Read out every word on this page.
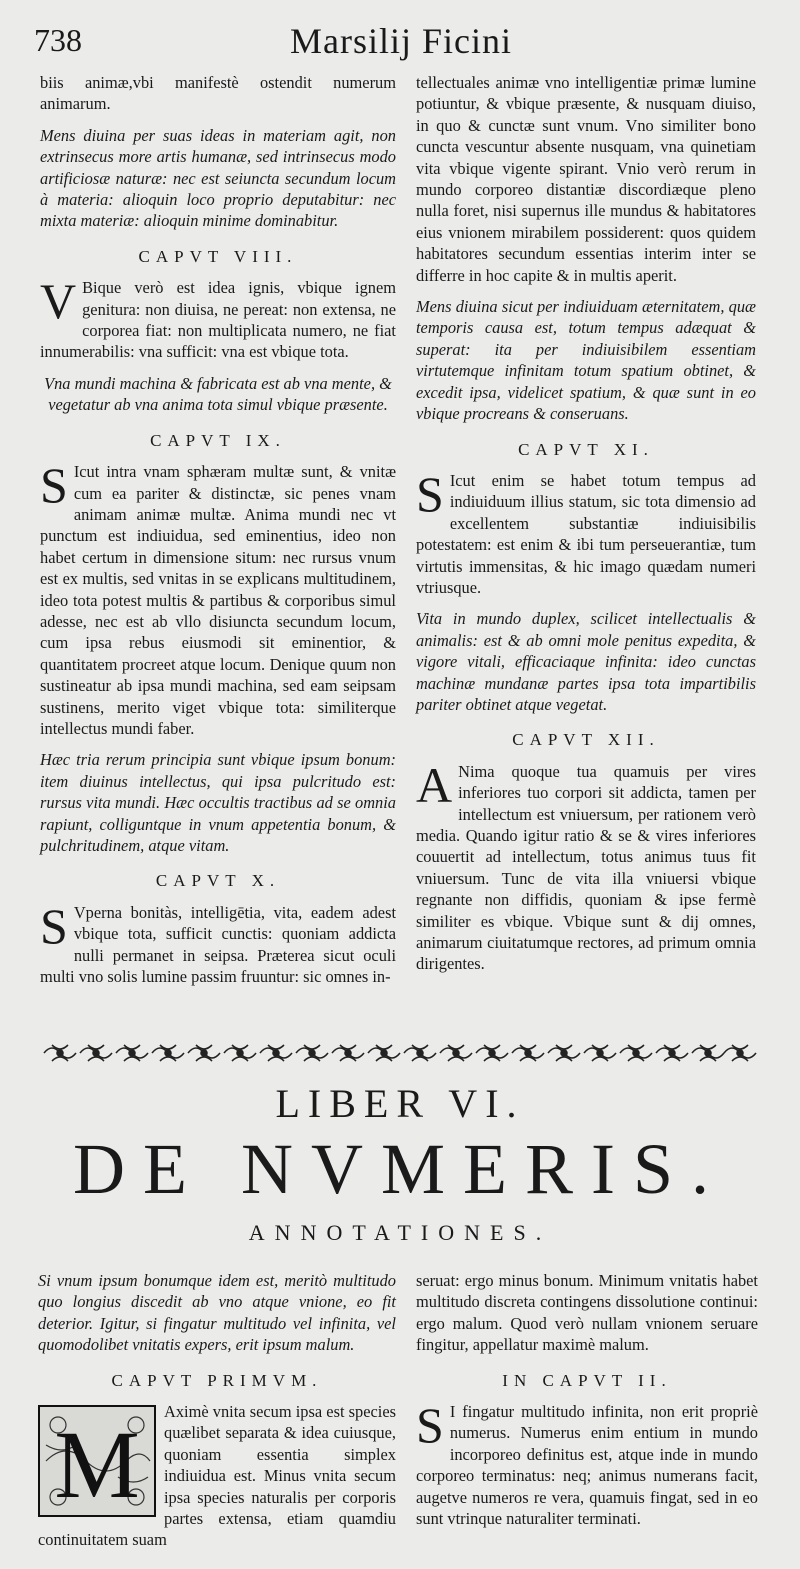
738	Marsilij Ficini

biis animæ,vbi manifestè ostendit numerum animarum.

Mens diuina per suas ideas in materiam agit, non extrinsecus more artis humanæ, sed intrinsecus modo artificiosæ naturæ: nec est seiuncta secundum locum à materia: alioquin loco proprio deputabitur: nec mixta materiæ: alioquin minime dominabitur.

CAPVT VIII.

V Bique verò est idea ignis, vbique ignem genitura: non diuisa, ne pereat: non extensa, ne corporea fiat: non multiplicata numero, ne fiat innumerabilis: vna sufficit: vna est vbique tota.

Vna mundi machina & fabricata est ab vna mente, & vegetatur ab vna anima tota simul vbique præsente.

CAPVT IX.

S Icut intra vnam sphæram multæ sunt, & vnitæ cum ea pariter & distinctæ, sic penes vnam animam animæ multæ. Anima mundi nec vt punctum est indiuidua, sed eminentius, ideo non habet certum in dimensione situm: nec rursus vnum est ex multis, sed vnitas in se explicans multitudinem, ideo tota potest multis & partibus & corporibus simul adesse, nec est ab vllo disiuncta secundum locum, cum ipsa rebus eiusmodi sit eminentior, & quantitatem procreet atque locum. Denique quum non sustineatur ab ipsa mundi machina, sed eam seipsam sustinens, merito viget vbique tota: similiterque intellectus mundi faber.

Hæc tria rerum principia sunt vbique ipsum bonum: item diuinus intellectus, qui ipsa pulcritudo est: rursus vita mundi. Hæc occultis tractibus ad se omnia rapiunt, colliguntque in vnum appetentia bonum, & pulchritudinem, atque vitam.

CAPVT X.

S Vperna bonitàs, intelligētia, vita, eadem adest vbique tota, sufficit cunctis: quoniam addicta nulli permanet in seipsa. Præterea sicut oculi multi vno solis lumine passim fruuntur: sic omnes in-

tellectuales animæ vno intelligentiæ primæ lumine potiuntur, & vbique præsente, & nusquam diuiso, in quo & cunctæ sunt vnum. Vno similiter bono cuncta vescuntur absente nusquam, vna quinetiam vita vbique vigente spirant. Vnio verò rerum in mundo corporeo distantiæ discordiæque pleno nulla foret, nisi supernus ille mundus & habitatores eius vnionem mirabilem possiderent: quos quidem habitatores secundum essentias interim inter se differre in hoc capite & in multis aperit.

Mens diuina sicut per indiuiduam æternitatem, quæ temporis causa est, totum tempus adæquat & superat: ita per indiuisibilem essentiam virtutemque infinitam totum spatium obtinet, & excedit ipsa, videlicet spatium, & quæ sunt in eo vbique procreans & conseruans.

CAPVT XI.

S Icut enim se habet totum tempus ad indiuiduum illius statum, sic tota dimensio ad excellentem substantiæ indiuisibilis potestatem: est enim & ibi tum perseuerantiæ, tum virtutis immensitas, & hic imago quædam numeri vtriusque.

Vita in mundo duplex, scilicet intellectualis & animalis: est & ab omni mole penitus expedita, & vigore vitali, efficaciaque infinita: ideo cunctas machinæ mundanæ partes ipsa tota impartibilis pariter obtinet atque vegetat.

CAPVT XII.

A Nima quoque tua quamuis per vires inferiores tuo corpori sit addicta, tamen per intellectum est vniuersum, per rationem verò media. Quando igitur ratio & se & vires inferiores couuertit ad intellectum, totus animus tuus fit vniuersum. Tunc de vita illa vniuersi vbique regnante non diffidis, quoniam & ipse fermè similiter es vbique. Vbique sunt & dij omnes, animarum ciuitatumque rectores, ad primum omnia dirigentes.

LIBER VI.
DE NVMERIS.
ANNOTATIONES.

Si vnum ipsum bonumque idem est, meritò multitudo quo longius discedit ab vno atque vnione, eo fit deterior. Igitur, si fingatur multitudo vel infinita, vel quomodolibet vnitatis expers, erit ipsum malum.

CAPVT PRIMVM.

M Aximè vnita secum ipsa est species quælibet separata & idea cuiusque, quoniam essentia simplex indiuidua est. Minus vnita secum ipsa species naturalis per corporis partes extensa, etiam quamdiu continuitatem suam

seruat: ergo minus bonum. Minimum vnitatis habet multitudo discreta contingens dissolutione continui: ergo malum. Quod verò nullam vnionem seruare fingitur, appellatur maximè malum.

IN CAPVT II.

S I fingatur multitudo infinita, non erit propriè numerus. Numerus enim entium in mundo incorporeo definitus est, atque inde in mundo corporeo terminatus: neq; animus numerans facit, augetve numeros re vera, quamuis fingat, sed in eo sunt vtrinque naturaliter terminati.
